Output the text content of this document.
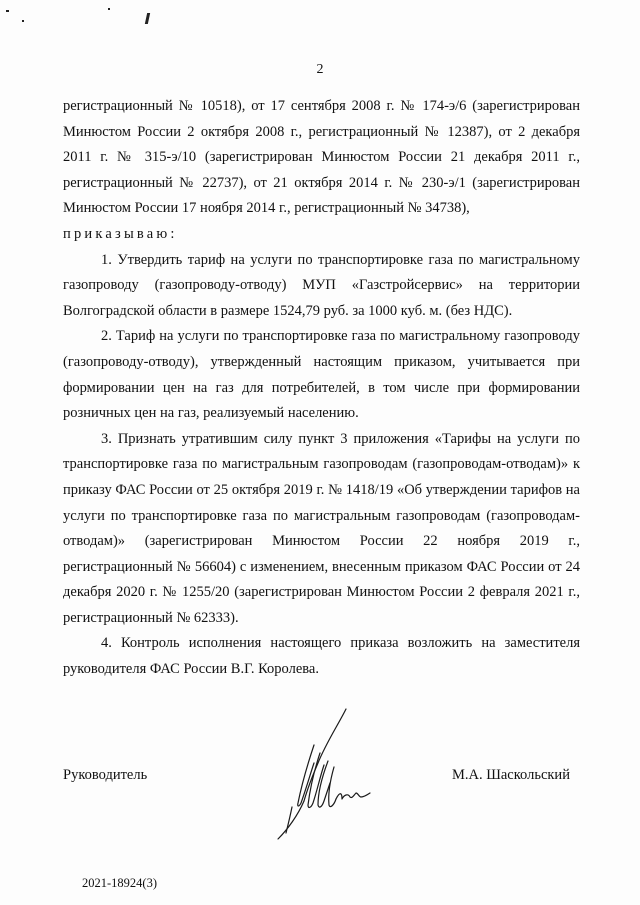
2

регистрационный № 10518), от 17 сентября 2008 г. № 174-э/6 (зарегистрирован Минюстом России 2 октября 2008 г., регистрационный № 12387), от 2 декабря 2011 г. № 315-э/10 (зарегистрирован Минюстом России 21 декабря 2011 г., регистрационный № 22737), от 21 октября 2014 г. № 230-э/1 (зарегистрирован Минюстом России 17 ноября 2014 г., регистрационный № 34738),

приказываю:

1. Утвердить тариф на услуги по транспортировке газа по магистральному газопроводу (газопроводу-отводу) МУП «Газстройсервис» на территории Волгоградской области в размере 1524,79 руб. за 1000 куб. м. (без НДС).

2. Тариф на услуги по транспортировке газа по магистральному газопроводу (газопроводу-отводу), утвержденный настоящим приказом, учитывается при формировании цен на газ для потребителей, в том числе при формировании розничных цен на газ, реализуемый населению.

3. Признать утратившим силу пункт 3 приложения «Тарифы на услуги по транспортировке газа по магистральным газопроводам (газопроводам-отводам)» к приказу ФАС России от 25 октября 2019 г. № 1418/19 «Об утверждении тарифов на услуги по транспортировке газа по магистральным газопроводам (газопроводам-отводам)» (зарегистрирован Минюстом России 22 ноября 2019 г., регистрационный № 56604) с изменением, внесенным приказом ФАС России от 24 декабря 2020 г. № 1255/20 (зарегистрирован Минюстом России 2 февраля 2021 г., регистрационный № 62333).

4. Контроль исполнения настоящего приказа возложить на заместителя руководителя ФАС России В.Г. Королева.

Руководитель	М.А. Шаскольский
2021-18924(3)
